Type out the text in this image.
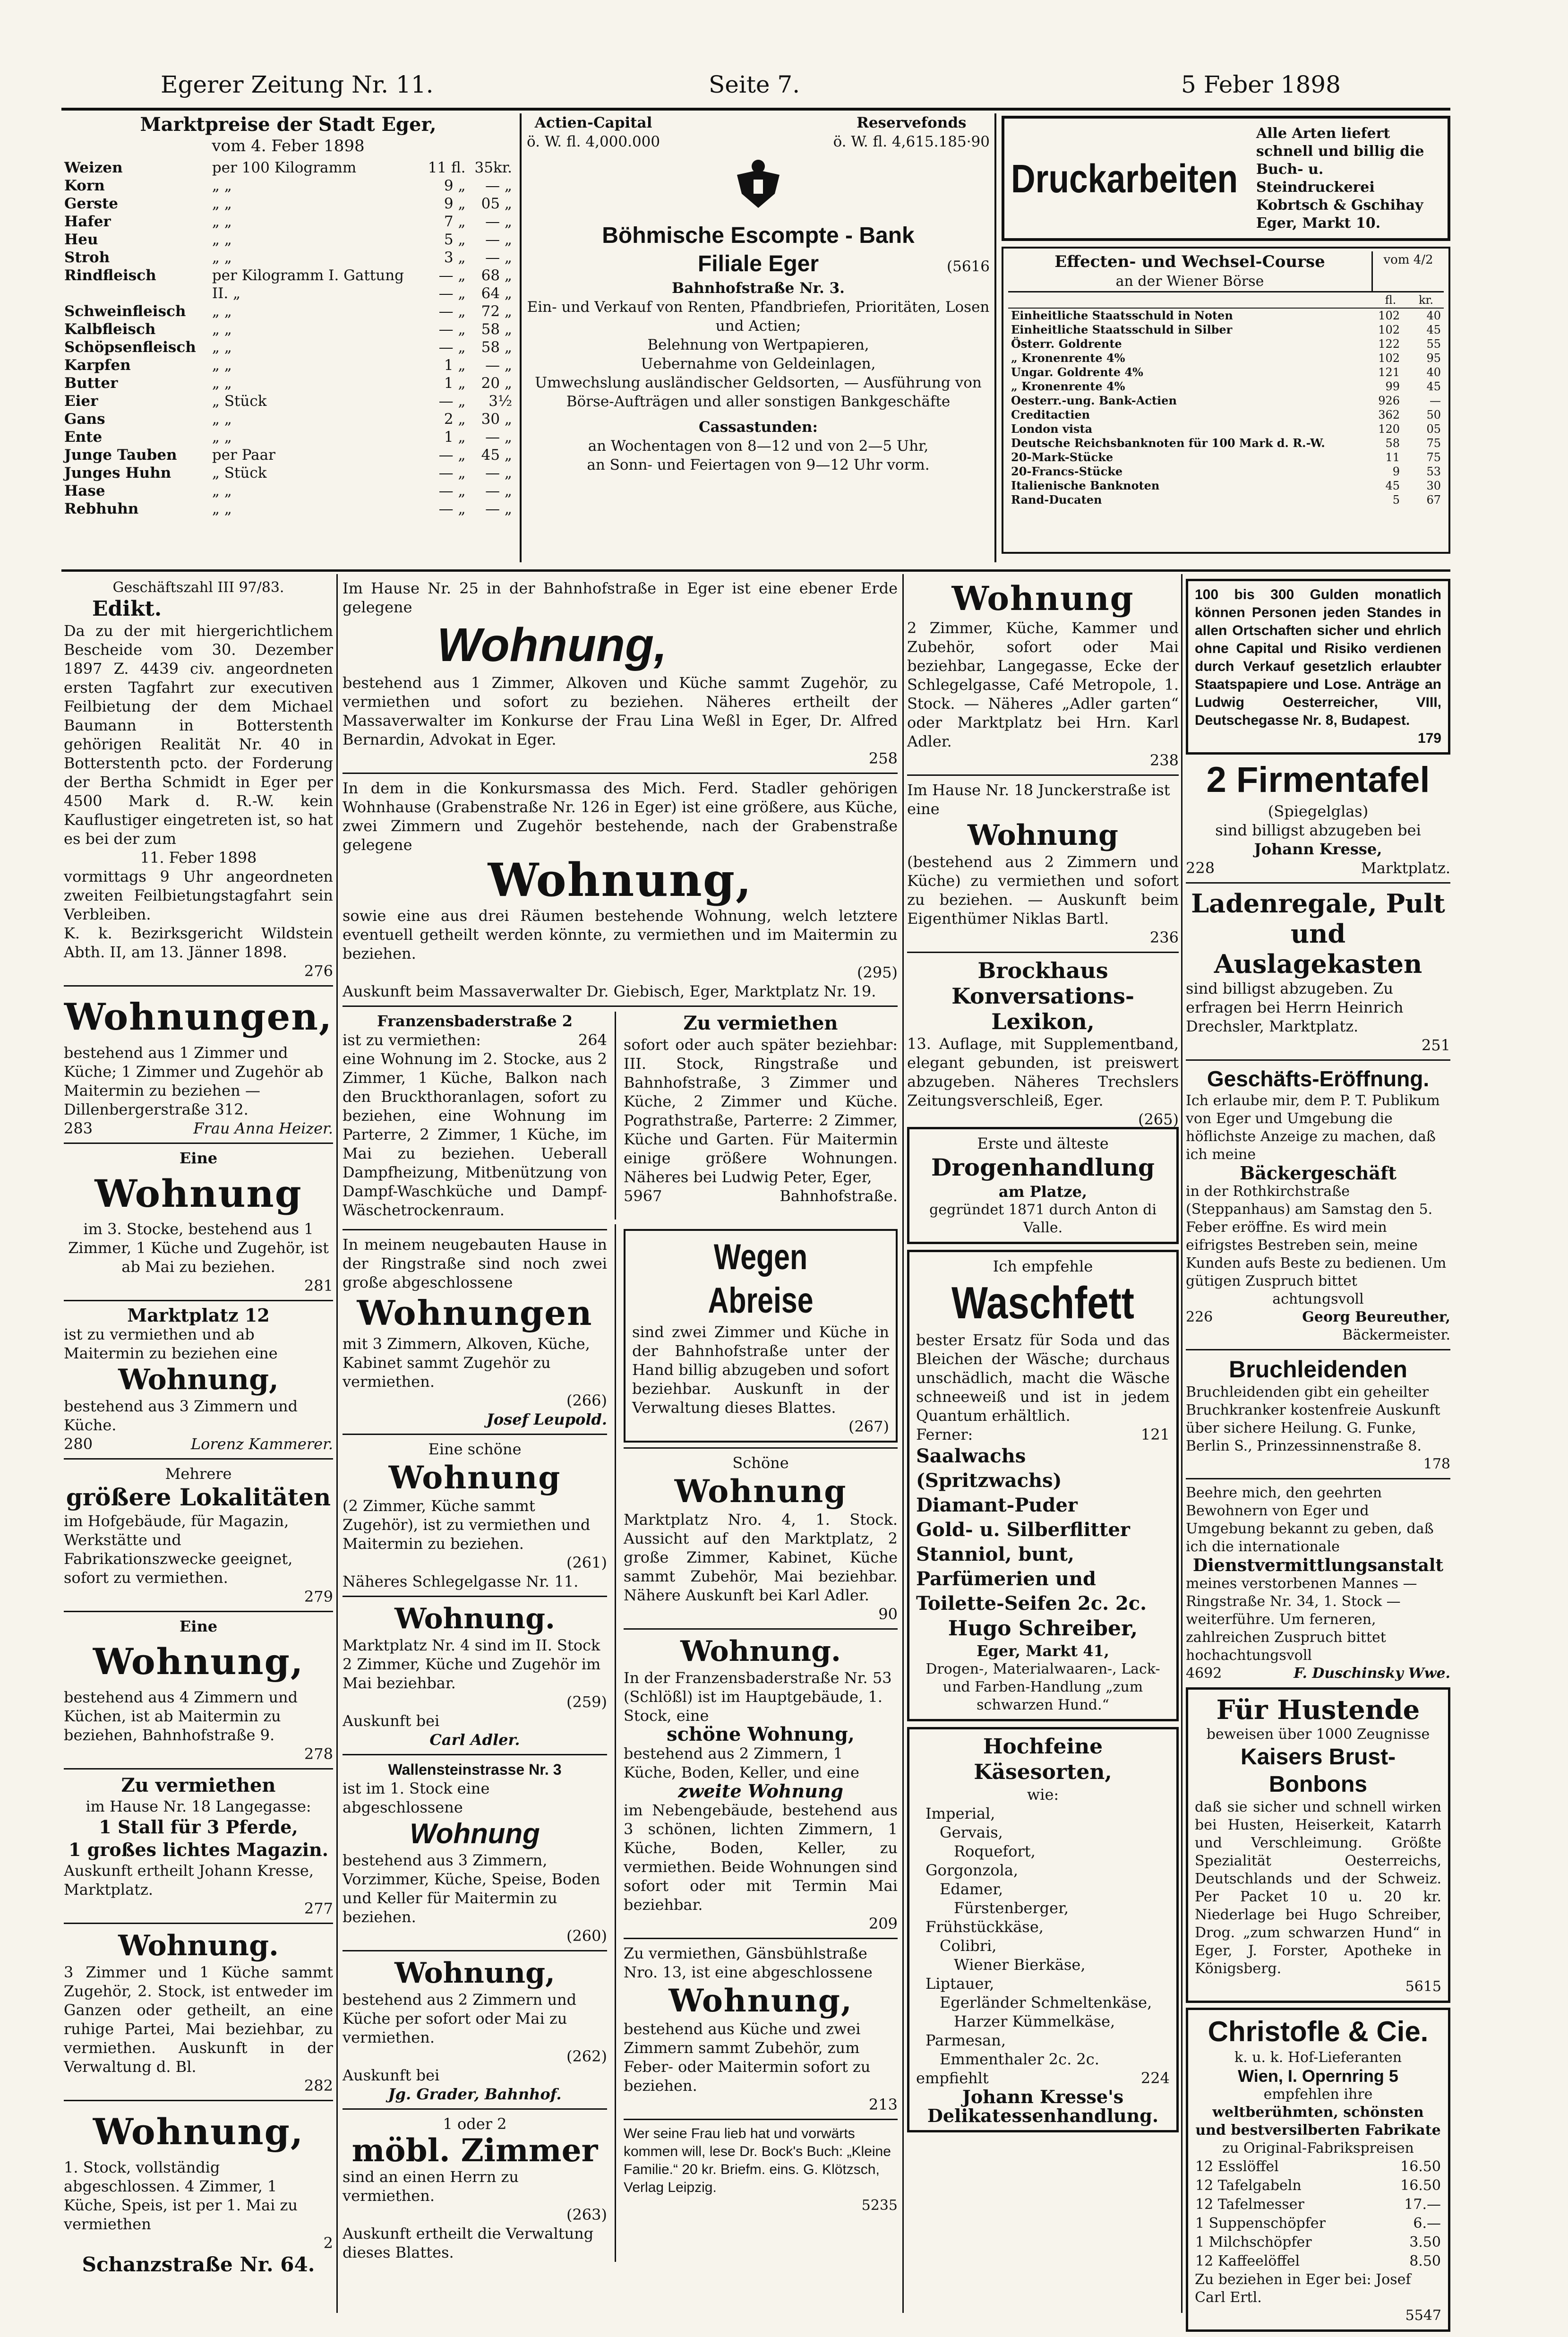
Egerer Zeitung Nr. 11.	Seite 7.	5 Feber 1898
Marktpreise der Stadt Eger,
vom 4. Feber 1898
Weizen	per 100 Kilogramm	11 fl.	35kr.
Korn	„ „	9 „	— „
Gerste	„ „	9 „	05 „
Hafer	„ „	7 „	— „
Heu	„ „	5 „	— „
Stroh	„ „	3 „	— „
Rindfleisch	per Kilogramm I. Gattung	— „	68 „
	II. „	— „	64 „
Schweinfleisch	„ „	— „	72 „
Kalbfleisch	„ „	— „	58 „
Schöpsenfleisch	„ „	— „	58 „
Karpfen	„ „	1 „	— „
Butter	„ „	1 „	20 „
Eier	„ Stück	— „	3½
Gans	„ „	2 „	30 „
Ente	„ „	1 „	— „
Junge Tauben	per Paar	— „	45 „
Junges Huhn	„ Stück	— „	— „
Hase	„ „	— „	— „
Rebhuhn	„ „	— „	— „
Actien-Capital
ö. W. fl. 4,000.000
Reservefonds
ö. W. fl. 4,615.185·90
Böhmische Escompte - Bank
Filiale Eger	(5616
Bahnhofstraße Nr. 3.
Ein- und Verkauf von Renten, Pfandbriefen, Prioritäten, Losen und Actien;
Belehnung von Wertpapieren,
Uebernahme von Geldeinlagen,
Umwechslung ausländischer Geldsorten, — Ausführung von Börse-Aufträgen und aller sonstigen Bankgeschäfte
Cassastunden:
an Wochentagen von 8—12 und von 2—5 Uhr,
an Sonn- und Feiertagen von 9—12 Uhr vorm.
Druckarbeiten
Alle Arten liefert schnell und billig die Buch- u. Steindruckerei Kobrtsch & Gschihay Eger, Markt 10.
Effecten- und Wechsel-Course
an der Wiener Börse
vom 4/2
fl.	kr.
Einheitliche Staatsschuld in Noten	102	40
Einheitliche Staatsschuld in Silber	102	45
Österr. Goldrente	122	55
„ Kronenrente 4%	102	95
Ungar. Goldrente 4%	121	40
„ Kronenrente 4%	99	45
Oesterr.-ung. Bank-Actien	926	—
Creditactien	362	50
London vista	120	05
Deutsche Reichsbanknoten für 100 Mark d. R.-W.	58	75
20-Mark-Stücke	11	75
20-Francs-Stücke	9	53
Italienische Banknoten	45	30
Rand-Ducaten	5	67
Geschäftszahl III 97/83.
Edikt.
Da zu der mit hiergerichtlichem Bescheide vom 30. Dezember 1897 Z. 4439 civ. angeordneten ersten Tagfahrt zur executiven Feilbietung der dem Michael Baumann in Botterstenth gehörigen Realität Nr. 40 in Botterstenth pcto. der Forderung der Bertha Schmidt in Eger per 4500 Mark d. R.-W. kein Kauflustiger eingetreten ist, so hat es bei der zum
11. Feber 1898
vormittags 9 Uhr angeordneten zweiten Feilbietungstagfahrt sein Verbleiben.
K. k. Bezirksgericht Wildstein Abth. II, am 13. Jänner 1898.
276
Wohnungen,
bestehend aus 1 Zimmer und Küche; 1 Zimmer und Zugehör ab Maitermin zu beziehen — Dillenbergerstraße 312.
283	Frau Anna Heizer.
Eine
Wohnung
im 3. Stocke, bestehend aus 1 Zimmer, 1 Küche und Zugehör, ist ab Mai zu beziehen.
281
Marktplatz 12
ist zu vermiethen und ab Maitermin zu beziehen eine
Wohnung,
bestehend aus 3 Zimmern und Küche.
280	Lorenz Kammerer.
Mehrere
größere Lokalitäten
im Hofgebäude, für Magazin, Werkstätte und Fabrikationszwecke geeignet, sofort zu vermiethen.
279
Eine
Wohnung,
bestehend aus 4 Zimmern und Küchen, ist ab Maitermin zu beziehen, Bahnhofstraße 9.
278
Zu vermiethen
im Hause Nr. 18 Langegasse:
1 Stall für 3 Pferde,
1 großes lichtes Magazin.
Auskunft ertheilt Johann Kresse, Marktplatz.
277
Wohnung.
3 Zimmer und 1 Küche sammt Zugehör, 2. Stock, ist entweder im Ganzen oder getheilt, an eine ruhige Partei, Mai beziehbar, zu vermiethen. Auskunft in der Verwaltung d. Bl.
282
Wohnung,
1. Stock, vollständig abgeschlossen. 4 Zimmer, 1 Küche, Speis, ist per 1. Mai zu vermiethen
2
Schanzstraße Nr. 64.
Im Hause Nr. 25 in der Bahnhofstraße in Eger ist eine ebener Erde gelegene
Wohnung,
bestehend aus 1 Zimmer, Alkoven und Küche sammt Zugehör, zu vermiethen und sofort zu beziehen. Näheres ertheilt der Massaverwalter im Konkurse der Frau Lina Weßl in Eger, Dr. Alfred Bernardin, Advokat in Eger.
258
In dem in die Konkursmassa des Mich. Ferd. Stadler gehörigen Wohnhause (Grabenstraße Nr. 126 in Eger) ist eine größere, aus Küche, zwei Zimmern und Zugehör bestehende, nach der Grabenstraße gelegene
Wohnung,
sowie eine aus drei Räumen bestehende Wohnung, welch letztere eventuell getheilt werden könnte, zu vermiethen und im Maitermin zu beziehen.
(295)
Auskunft beim Massaverwalter Dr. Giebisch, Eger, Marktplatz Nr. 19.
Franzensbaderstraße 2
ist zu vermiethen:	264
eine Wohnung im 2. Stocke, aus 2 Zimmer, 1 Küche, Balkon nach den Bruckthoranlagen, sofort zu beziehen, eine Wohnung im Parterre, 2 Zimmer, 1 Küche, im Mai zu beziehen. Ueberall Dampfheizung, Mitbenützung von Dampf-Waschküche und Dampf-Wäschetrockenraum.
Zu vermiethen
sofort oder auch später beziehbar: III. Stock, Ringstraße und Bahnhofstraße, 3 Zimmer und Küche, 2 Zimmer und Küche. Pograthstraße, Parterre: 2 Zimmer, Küche und Garten. Für Maitermin einige größere Wohnungen. Näheres bei Ludwig Peter, Eger,
5967	Bahnhofstraße.
In meinem neugebauten Hause in der Ringstraße sind noch zwei große abgeschlossene
Wohnungen
mit 3 Zimmern, Alkoven, Küche, Kabinet sammt Zugehör zu vermiethen.
(266)
Josef Leupold.
Eine schöne
Wohnung
(2 Zimmer, Küche sammt Zugehör), ist zu vermiethen und Maitermin zu beziehen.
(261)
Näheres Schlegelgasse Nr. 11.
Wohnung.
Marktplatz Nr. 4 sind im II. Stock 2 Zimmer, Küche und Zugehör im Mai beziehbar.
(259)
Auskunft bei
Carl Adler.
Wallensteinstrasse Nr. 3
ist im 1. Stock eine abgeschlossene
Wohnung
bestehend aus 3 Zimmern, Vorzimmer, Küche, Speise, Boden und Keller für Maitermin zu beziehen.
(260)
Wohnung,
bestehend aus 2 Zimmern und Küche per sofort oder Mai zu vermiethen.
(262)
Auskunft bei
Jg. Grader, Bahnhof.
1 oder 2
möbl. Zimmer
sind an einen Herrn zu vermiethen.
(263)
Auskunft ertheilt die Verwaltung dieses Blattes.
Wegen Abreise
sind zwei Zimmer und Küche in der Bahnhofstraße unter der Hand billig abzugeben und sofort beziehbar. Auskunft in der Verwaltung dieses Blattes.
(267)
Schöne
Wohnung
Marktplatz Nro. 4, 1. Stock. Aussicht auf den Marktplatz, 2 große Zimmer, Kabinet, Küche sammt Zubehör, Mai beziehbar. Nähere Auskunft bei Karl Adler.
90
Wohnung.
In der Franzensbaderstraße Nr. 53 (Schlößl) ist im Hauptgebäude, 1. Stock, eine
schöne Wohnung,
bestehend aus 2 Zimmern, 1 Küche, Boden, Keller, und eine
zweite Wohnung
im Nebengebäude, bestehend aus 3 schönen, lichten Zimmern, 1 Küche, Boden, Keller, zu vermiethen. Beide Wohnungen sind sofort oder mit Termin Mai beziehbar.
209
Zu vermiethen, Gänsbühlstraße Nro. 13, ist eine abgeschlossene
Wohnung,
bestehend aus Küche und zwei Zimmern sammt Zubehör, zum Feber- oder Maitermin sofort zu beziehen.
213
Wer seine Frau lieb hat und vorwärts kommen will, lese Dr. Bock's Buch: „Kleine Familie.“ 20 kr. Briefm. eins. G. Klötzsch, Verlag Leipzig.
5235
Wohnung
2 Zimmer, Küche, Kammer und Zubehör, sofort oder Mai beziehbar, Langegasse, Ecke der Schlegelgasse, Café Metropole, 1. Stock. — Näheres „Adler garten“ oder Marktplatz bei Hrn. Karl Adler.
238
Im Hause Nr. 18 Junckerstraße ist eine
Wohnung
(bestehend aus 2 Zimmern und Küche) zu vermiethen und sofort zu beziehen. — Auskunft beim Eigenthümer Niklas Bartl.
236
Brockhaus Konversations-Lexikon,
13. Auflage, mit Supplementband, elegant gebunden, ist preiswert abzugeben. Näheres Trechslers Zeitungsverschleiß, Eger.
(265)
Erste und älteste
Drogenhandlung
am Platze,
gegründet 1871 durch Anton di Valle.
Ich empfehle
Waschfett
bester Ersatz für Soda und das Bleichen der Wäsche; durchaus unschädlich, macht die Wäsche schneeweiß und ist in jedem Quantum erhältlich.
Ferner:	121
Saalwachs (Spritzwachs)
Diamant-Puder
Gold- u. Silberflitter
Stanniol, bunt,
Parfümerien und
Toilette-Seifen 2c. 2c.
Hugo Schreiber,
Eger, Markt 41,
Drogen-, Materialwaaren-, Lack- und Farben-Handlung „zum schwarzen Hund.“
Hochfeine Käsesorten,
wie:
Imperial,
Gervais,
Roquefort,
Gorgonzola,
Edamer,
Fürstenberger,
Frühstückkäse,
Colibri,
Wiener Bierkäse,
Liptauer,
Egerländer Schmeltenkäse,
Harzer Kümmelkäse,
Parmesan,
Emmenthaler 2c. 2c.
empfiehlt	224
Johann Kresse's
Delikatessenhandlung.
100 bis 300 Gulden monatlich können Personen jeden Standes in allen Ortschaften sicher und ehrlich ohne Capital und Risiko verdienen durch Verkauf gesetzlich erlaubter Staatspapiere und Lose. Anträge an Ludwig Oesterreicher, VIII, Deutschegasse Nr. 8, Budapest.
179
2 Firmentafel
(Spiegelglas)
sind billigst abzugeben bei
Johann Kresse,
228	Marktplatz.
Ladenregale, Pult und Auslagekasten
sind billigst abzugeben. Zu erfragen bei Herrn Heinrich Drechsler, Marktplatz.
251
Geschäfts-Eröffnung.
Ich erlaube mir, dem P. T. Publikum von Eger und Umgebung die höflichste Anzeige zu machen, daß ich meine
Bäckergeschäft
in der Rothkirchstraße (Steppanhaus) am Samstag den 5. Feber eröffne. Es wird mein eifrigstes Bestreben sein, meine Kunden aufs Beste zu bedienen. Um gütigen Zuspruch bittet
achtungsvoll
226	Georg Beureuther,
Bäckermeister.
Bruchleidenden
Bruchleidenden gibt ein geheilter Bruchkranker kostenfreie Auskunft über sichere Heilung. G. Funke, Berlin S., Prinzessinnenstraße 8.
178
Beehre mich, den geehrten Bewohnern von Eger und Umgebung bekannt zu geben, daß ich die internationale
Dienstvermittlungsanstalt
meines verstorbenen Mannes — Ringstraße Nr. 34, 1. Stock — weiterführe. Um ferneren, zahlreichen Zuspruch bittet hochachtungsvoll
4692	F. Duschinsky Wwe.
Für Hustende
beweisen über 1000 Zeugnisse
Kaisers Brust-Bonbons
daß sie sicher und schnell wirken bei Husten, Heiserkeit, Katarrh und Verschleimung. Größte Spezialität Oesterreichs, Deutschlands und der Schweiz. Per Packet 10 u. 20 kr. Niederlage bei Hugo Schreiber, Drog. „zum schwarzen Hund“ in Eger, J. Forster, Apotheke in Königsberg.
5615
Christofle & Cie.
k. u. k. Hof-Lieferanten
Wien, I. Opernring 5
empfehlen ihre
weltberühmten, schönsten und bestversilberten Fabrikate
zu Original-Fabrikspreisen
12 Esslöffel	16.50
12 Tafelgabeln	16.50
12 Tafelmesser	17.—
1 Suppenschöpfer	6.—
1 Milchschöpfer	3.50
12 Kaffeelöffel	8.50
Zu beziehen in Eger bei: Josef Carl Ertl.
5547
